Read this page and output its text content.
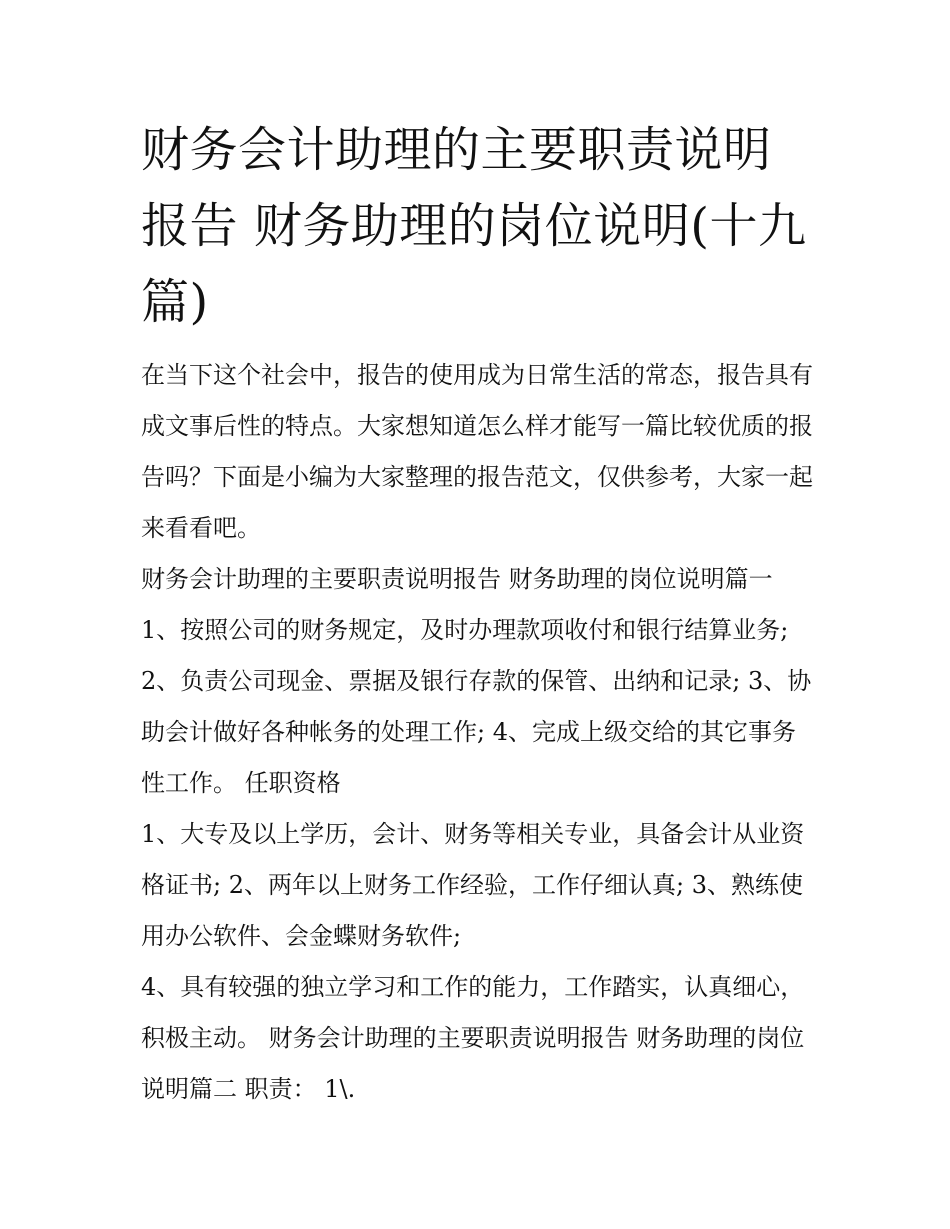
财务会计助理的主要职责说明报告 财务助理的岗位说明(十九篇)

在当下这个社会中，报告的使用成为日常生活的常态，报告具有成文事后性的特点。大家想知道怎么样才能写一篇比较优质的报告吗？下面是小编为大家整理的报告范文，仅供参考，大家一起来看看吧。

财务会计助理的主要职责说明报告 财务助理的岗位说明篇一

1、按照公司的财务规定，及时办理款项收付和银行结算业务;

2、负责公司现金、票据及银行存款的保管、出纳和记录; 3、协助会计做好各种帐务的处理工作; 4、完成上级交给的其它事务性工作。 任职资格

1、大专及以上学历，会计、财务等相关专业，具备会计从业资格证书; 2、两年以上财务工作经验，工作仔细认真; 3、熟练使用办公软件、会金蝶财务软件;

4、具有较强的独立学习和工作的能力，工作踏实，认真细心，积极主动。 财务会计助理的主要职责说明报告 财务助理的岗位说明篇二 职责： 1\.
